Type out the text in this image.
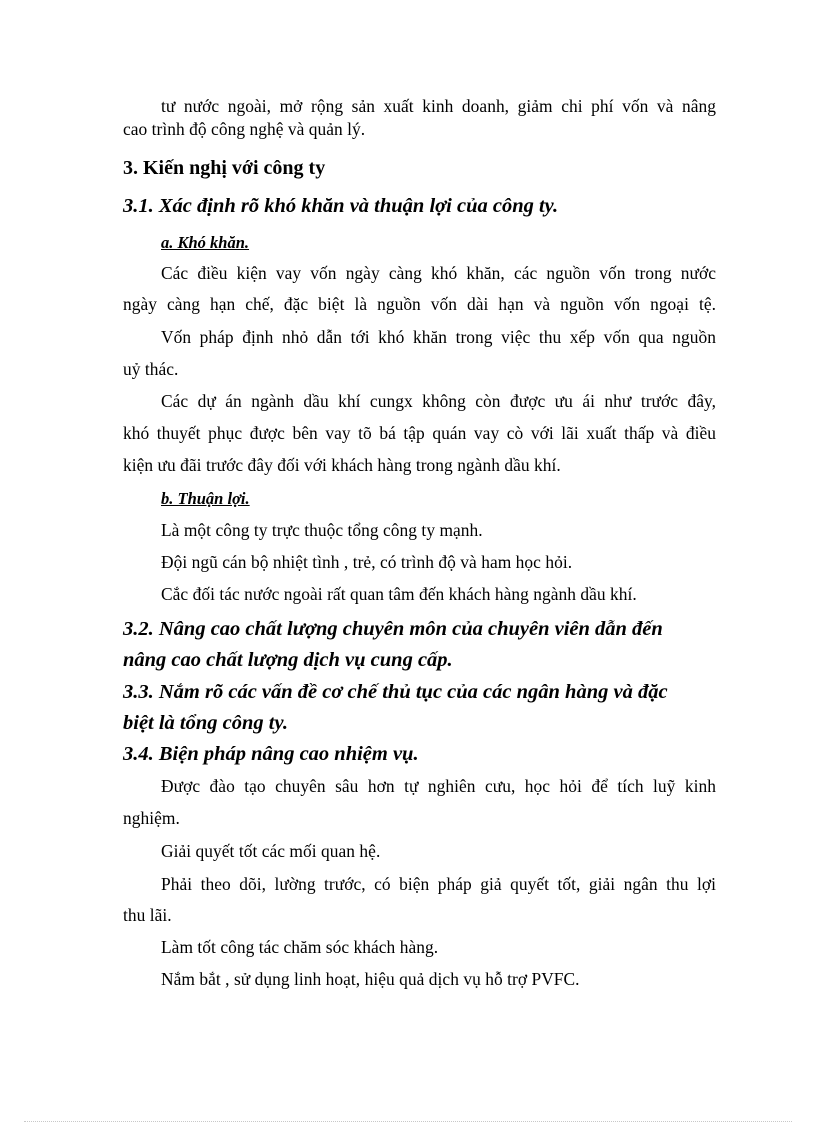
tư nước ngoài, mở rộng sản xuất kinh doanh, giảm chi phí vốn và nâng
cao trình độ công nghệ và quản lý.
3. Kiến nghị với công ty
3.1. Xác định rõ khó khăn và thuận lợi của công ty.
a. Khó khăn.
Các điều kiện vay vốn ngày càng khó khăn, các nguồn vốn trong nước
ngày càng hạn chế, đặc biệt là nguồn vốn dài hạn và nguồn vốn ngoại tệ.
Vốn pháp định nhỏ dẫn tới khó khăn trong việc thu xếp vốn qua nguồn
uỷ thác.
Các dự án ngành dầu khí cungx không còn được ưu ái như trước đây,
khó thuyết phục được bên vay tõ bá tập quán vay cò với lãi xuất thấp và điều
kiện ưu đãi trước đây đối với khách hàng trong ngành dầu khí.
b. Thuận lợi.
Là một công ty trực thuộc tổng công ty mạnh.
Đội ngũ cán bộ nhiệt tình , trẻ, có trình độ và ham học hỏi.
Cắc đối tác nước ngoài rất quan tâm đến khách hàng ngành dầu khí.
3.2. Nâng cao chất lượng chuyên môn của chuyên viên dẫn đến
nâng cao chất lượng dịch vụ cung cấp.
3.3. Nắm rõ các vấn đề cơ chế thủ tục của các ngân hàng và đặc
biệt là tổng công ty.
3.4. Biện pháp nâng cao nhiệm vụ.
Được đào tạo chuyên sâu hơn tự nghiên cưu, học hỏi để tích luỹ kinh
nghiệm.
Giải quyết tốt các mối quan hệ.
Phải theo dõi, lường trước, có biện pháp giả quyết tốt, giải ngân thu lợi
thu lãi.
Làm tốt công tác chăm sóc khách hàng.
Nắm bắt , sử dụng linh hoạt, hiệu quả dịch vụ hỗ trợ PVFC.
